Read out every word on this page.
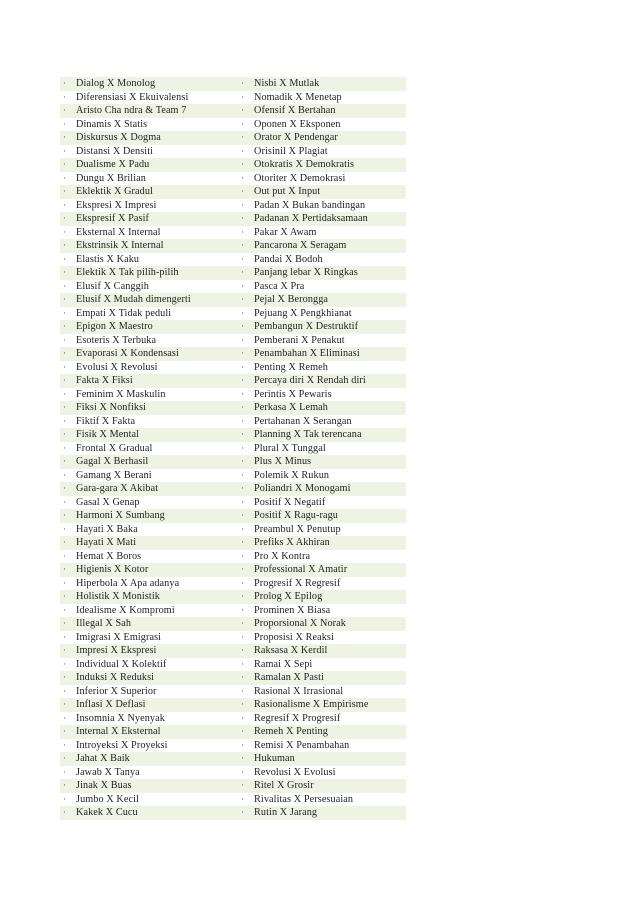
· Dialog X Monolog	· Nisbi X Mutlak
· Diferensiasi X Ekuivalensi	· Nomadik X Menetap
· Aristo Cha ndra & Team 7	· Ofensif X Bertahan
· Dinamis X Statis	· Oponen X Eksponen
· Diskursus X Dogma	· Orator X Pendengar
· Distansi X Densiti	· Orisinil X Plagiat
· Dualisme X Padu	· Otokratis X Demokratis
· Dungu X Brilian	· Otoriter X Demokrasi
· Eklektik X Gradul	· Out put X Input
· Ekspresi X Impresi	· Padan X Bukan bandingan
· Ekspresif X Pasif	· Padanan X Pertidaksamaan
· Eksternal X Internal	· Pakar X Awam
· Ekstrinsik X Internal	· Pancarona X Seragam
· Elastis X Kaku	· Pandai X Bodoh
· Elektik X Tak pilih-pilih	· Panjang lebar X Ringkas
· Elusif X Canggih	· Pasca X Pra
· Elusif X Mudah dimengerti	· Pejal X Berongga
· Empati X Tidak peduli	· Pejuang X Pengkhianat
· Epigon X Maestro	· Pembangun X Destruktif
· Esoteris X Terbuka	· Pemberani X Penakut
· Evaporasi X Kondensasi	· Penambahan X Eliminasi
· Evolusi X Revolusi	· Penting X Remeh
· Fakta X Fiksi	· Percaya diri X Rendah diri
· Feminim X Maskulin	· Perintis X Pewaris
· Fiksi X Nonfiksi	· Perkasa X Lemah
· Fiktif X Fakta	· Pertahanan X Serangan
· Fisik X Mental	· Planning X Tak terencana
· Frontal X Gradual	· Plural X Tunggal
· Gagal X Berhasil	· Plus X Minus
· Gamang X Berani	· Polemik X Rukun
· Gara-gara X Akibat	· Poliandri X Monogami
· Gasal X Genap	· Positif X Negatif
· Harmoni X Sumbang	· Positif X Ragu-ragu
· Hayati X Baka	· Preambul X Penutup
· Hayati X Mati	· Prefiks X Akhiran
· Hemat X Boros	· Pro X Kontra
· Higienis X Kotor	· Professional X Amatir
· Hiperbola X Apa adanya	· Progresif X Regresif
· Holistik X Monistik	· Prolog X Epilog
· Idealisme X Kompromi	· Prominen X Biasa
· Illegal X Sah	· Proporsional X Norak
· Imigrasi X Emigrasi	· Proposisi X Reaksi
· Impresi X Ekspresi	· Raksasa X Kerdil
· Individual X Kolektif	· Ramai X Sepi
· Induksi X Reduksi	· Ramalan X Pasti
· Inferior X Superior	· Rasional X Irrasional
· Inflasi X Deflasi	· Rasionalisme X Empirisme
· Insomnia X Nyenyak	· Regresif X Progresif
· Internal X Eksternal	· Remeh X Penting
· Introyeksi X Proyeksi	· Remisi X Penambahan
· Jahat X Baik	· Hukuman
· Jawab X Tanya	· Revolusi X Evolusi
· Jinak X Buas	· Ritel X Grosir
· Jumbo X Kecil	· Rivalitas X Persesuaian
· Kakek X Cucu	· Rutin X Jarang
